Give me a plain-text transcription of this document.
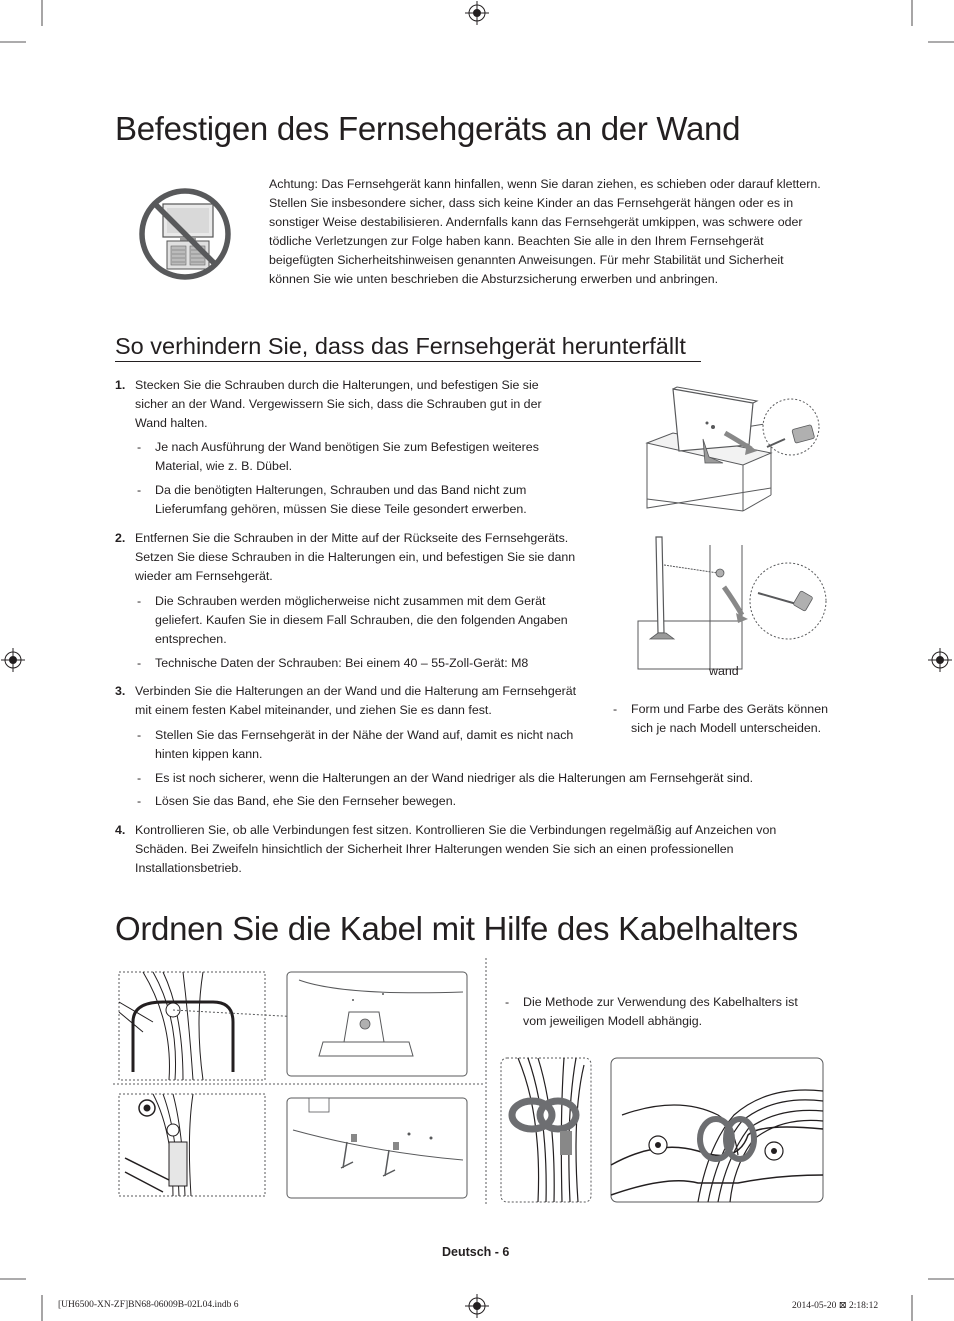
Befestigen des Fernsehgeräts an der Wand
Achtung: Das Fernsehgerät kann hinfallen, wenn Sie daran ziehen, es schieben oder darauf klettern. Stellen Sie insbesondere sicher, dass sich keine Kinder an das Fernsehgerät hängen oder es in sonstiger Weise destabilisieren. Andernfalls kann das Fernsehgerät umkippen, was schwere oder tödliche Verletzungen zur Folge haben kann. Beachten Sie alle in den Ihrem Fernsehgerät beigefügten Sicherheitshinweisen genannten Anweisungen. Für mehr Stabilität und Sicherheit können Sie wie unten beschrieben die Absturzsicherung erwerben und anbringen.
So verhindern Sie, dass das Fernsehgerät herunterfällt
1. Stecken Sie die Schrauben durch die Halterungen, und befestigen Sie sie sicher an der Wand. Vergewissern Sie sich, dass die Schrauben gut in der Wand halten.
- Je nach Ausführung der Wand benötigen Sie zum Befestigen weiteres Material, wie z. B. Dübel.
- Da die benötigten Halterungen, Schrauben und das Band nicht zum Lieferumfang gehören, müssen Sie diese Teile gesondert erwerben.
2. Entfernen Sie die Schrauben in der Mitte auf der Rückseite des Fernsehgeräts. Setzen Sie diese Schrauben in die Halterungen ein, und befestigen Sie sie dann wieder am Fernsehgerät.
- Die Schrauben werden möglicherweise nicht zusammen mit dem Gerät geliefert. Kaufen Sie in diesem Fall Schrauben, die den folgenden Angaben entsprechen.
- Technische Daten der Schrauben: Bei einem 40 – 55-Zoll-Gerät: M8
3. Verbinden Sie die Halterungen an der Wand und die Halterung am Fernsehgerät mit einem festen Kabel miteinander, und ziehen Sie es dann fest.
- Stellen Sie das Fernsehgerät in der Nähe der Wand auf, damit es nicht nach hinten kippen kann.
- Es ist noch sicherer, wenn die Halterungen an der Wand niedriger als die Halterungen am Fernsehgerät sind.
- Lösen Sie das Band, ehe Sie den Fernseher bewegen.
4. Kontrollieren Sie, ob alle Verbindungen fest sitzen. Kontrollieren Sie die Verbindungen regelmäßig auf Anzeichen von Schäden. Bei Zweifeln hinsichtlich der Sicherheit Ihrer Halterungen wenden Sie sich an einen professionellen Installationsbetrieb.
wand
- Form und Farbe des Geräts können sich je nach Modell unterscheiden.
Ordnen Sie die Kabel mit Hilfe des Kabelhalters
- Die Methode zur Verwendung des Kabelhalters ist vom jeweiligen Modell abhängig.
Deutsch - 6
[UH6500-XN-ZF]BN68-06009B-02L04.indb 6	2014-05-20 ⊠ 2:18:12
